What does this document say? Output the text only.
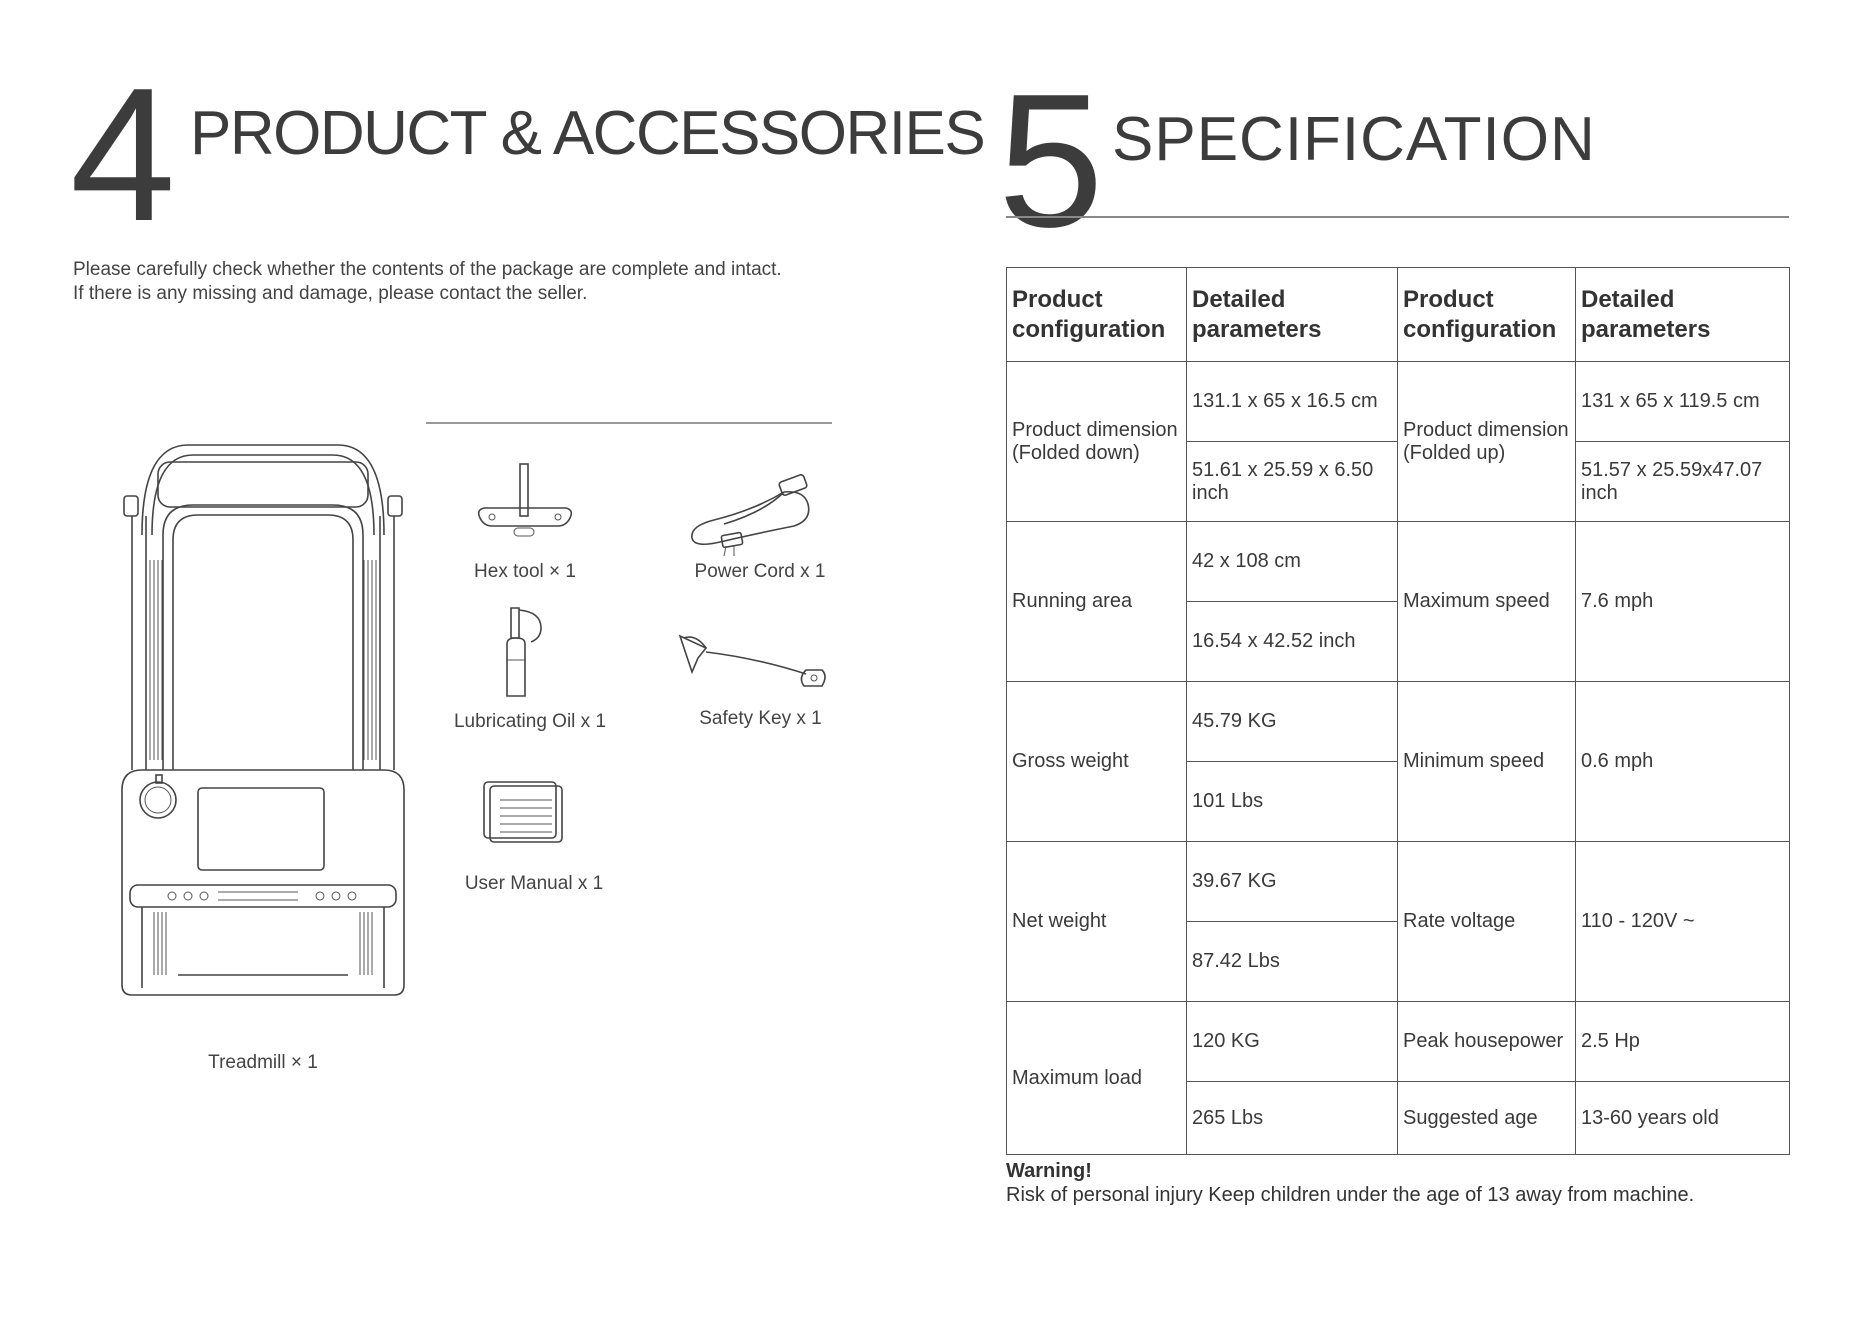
4 PRODUCT & ACCESSORIES
Please carefully check whether the contents of the package are complete and intact.
If there is any missing and damage, please contact the seller.
Treadmill × 1
Hex tool × 1	Power Cord x 1
Lubricating Oil x 1	Safety Key x 1
User Manual x 1
5 SPECIFICATION
Product configuration	Detailed parameters	Product configuration	Detailed parameters
Product dimension (Folded down)	131.1 x 65 x 16.5 cm	Product dimension (Folded up)	131 x 65 x 119.5 cm
	51.61 x 25.59 x 6.50 inch		51.57 x 25.59x47.07 inch
Running area	42 x 108 cm	Maximum speed	7.6 mph
	16.54 x 42.52 inch		
Gross weight	45.79 KG	Minimum speed	0.6 mph
	101 Lbs		
Net weight	39.67 KG	Rate voltage	110 - 120V ~
	87.42 Lbs		
Maximum load	120 KG	Peak housepower	2.5 Hp
	265 Lbs	Suggested age	13-60 years old
Warning!
Risk of personal injury Keep children under the age of 13 away from machine.
